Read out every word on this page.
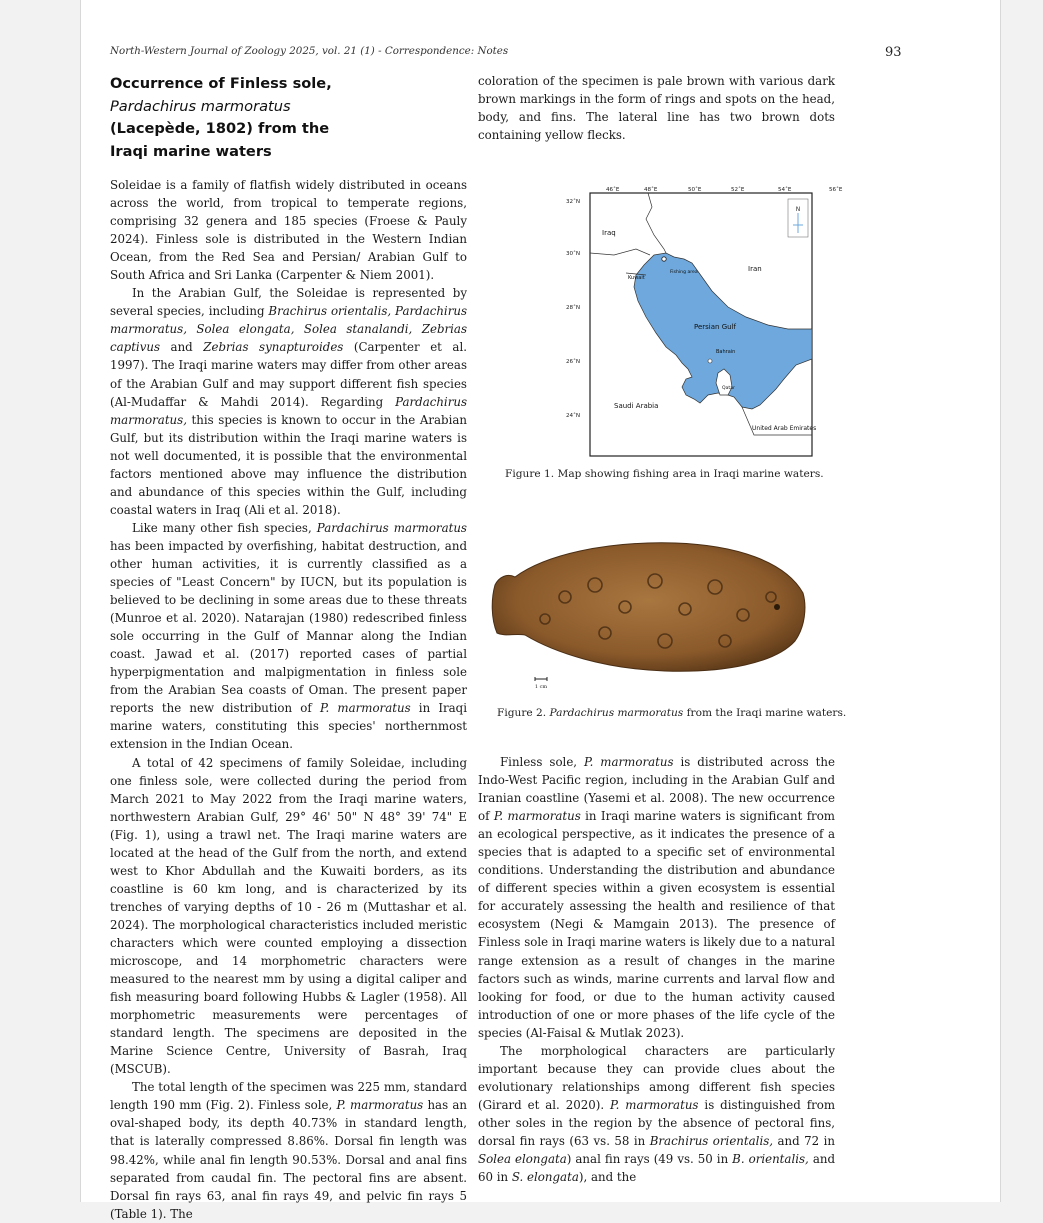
North-Western Journal of Zoology 2025, vol. 21 (1) - Correspondence: Notes	93
Occurrence of Finless sole,
Pardachirus marmoratus
(Lacepède, 1802) from the
Iraqi marine waters

Soleidae is a family of flatfish widely distributed in oceans across the world, from tropical to temperate regions, comprising 32 genera and 185 species (Froese & Pauly 2024). Finless sole is distributed in the Western Indian Ocean, from the Red Sea and Persian/ Arabian Gulf to South Africa and Sri Lanka (Carpenter & Niem 2001).

In the Arabian Gulf, the Soleidae is represented by several species, including Brachirus orientalis, Pardachirus marmoratus, Solea elongata, Solea stanalandi, Zebrias captivus and Zebrias synapturoides (Carpenter et al. 1997). The Iraqi marine waters may differ from other areas of the Arabian Gulf and may support different fish species (Al-Mudaffar & Mahdi 2014). Regarding Pardachirus marmoratus, this species is known to occur in the Arabian Gulf, but its distribution within the Iraqi marine waters is not well documented, it is possible that the environmental factors mentioned above may influence the distribution and abundance of this species within the Gulf, including coastal waters in Iraq (Ali et al. 2018).

Like many other fish species, Pardachirus marmoratus has been impacted by overfishing, habitat destruction, and other human activities, it is currently classified as a species of "Least Concern" by IUCN, but its population is believed to be declining in some areas due to these threats (Munroe et al. 2020). Natarajan (1980) redescribed finless sole occurring in the Gulf of Mannar along the Indian coast. Jawad et al. (2017) reported cases of partial hyperpigmentation and malpigmentation in finless sole from the Arabian Sea coasts of Oman. The present paper reports the new distribution of P. marmoratus in Iraqi marine waters, constituting this species' northernmost extension in the Indian Ocean.

A total of 42 specimens of family Soleidae, including one finless sole, were collected during the period from March 2021 to May 2022 from the Iraqi marine waters, northwestern Arabian Gulf, 29° 46' 50" N 48° 39' 74" E (Fig. 1), using a trawl net. The Iraqi marine waters are located at the head of the Gulf from the north, and extend west to Khor Abdullah and the Kuwaiti borders, as its coastline is 60 km long, and is characterized by its trenches of varying depths of 10 - 26 m (Muttashar et al. 2024). The morphological characteristics included meristic characters which were counted employing a dissection microscope, and 14 morphometric characters were measured to the nearest mm by using a digital caliper and fish measuring board following Hubbs & Lagler (1958). All morphometric measurements were percentages of standard length. The specimens are deposited in the Marine Science Centre, University of Basrah, Iraq (MSCUB).

The total length of the specimen was 225 mm, standard length 190 mm (Fig. 2). Finless sole, P. marmoratus has an oval-shaped body, its depth 40.73% in standard length, that is laterally compressed 8.86%. Dorsal fin length was 98.42%, while anal fin length 90.53%. Dorsal and anal fins separated from caudal fin. The pectoral fins are absent. Dorsal fin rays 63, anal fin rays 49, and pelvic fin rays 5 (Table 1). The

coloration of the specimen is pale brown with various dark brown markings in the form of rings and spots on the head, body, and fins. The lateral line has two brown dots containing yellow flecks.

N
46˚E	48˚E	50˚E	52˚E	54˚E	56˚E
32˚N
30˚N
28˚N
26˚N
24˚N
Iraq
Iran
Kuwait
Fishing area
Persian Gulf
Bahrain
Qatar
Saudi Arabia
United Arab Emirates
Figure 1. Map showing fishing area in Iraqi marine waters.
1 cm
Figure 2. Pardachirus marmoratus from the Iraqi marine waters.

Finless sole, P. marmoratus is distributed across the Indo-West Pacific region, including in the Arabian Gulf and Iranian coastline (Yasemi et al. 2008). The new occurrence of P. marmoratus in Iraqi marine waters is significant from an ecological perspective, as it indicates the presence of a species that is adapted to a specific set of environmental conditions. Understanding the distribution and abundance of different species within a given ecosystem is essential for accurately assessing the health and resilience of that ecosystem (Negi & Mamgain 2013). The presence of Finless sole in Iraqi marine waters is likely due to a natural range extension as a result of changes in the marine factors such as winds, marine currents and larval flow and looking for food, or due to the human activity caused introduction of one or more phases of the life cycle of the species (Al-Faisal & Mutlak 2023).

The morphological characters are particularly important because they can provide clues about the evolutionary relationships among different fish species (Girard et al. 2020). P. marmoratus is distinguished from other soles in the region by the absence of pectoral fins, dorsal fin rays (63 vs. 58 in Brachirus orientalis, and 72 in Solea elongata) anal fin rays (49 vs. 50 in B. orientalis, and 60 in S. elongata), and the
